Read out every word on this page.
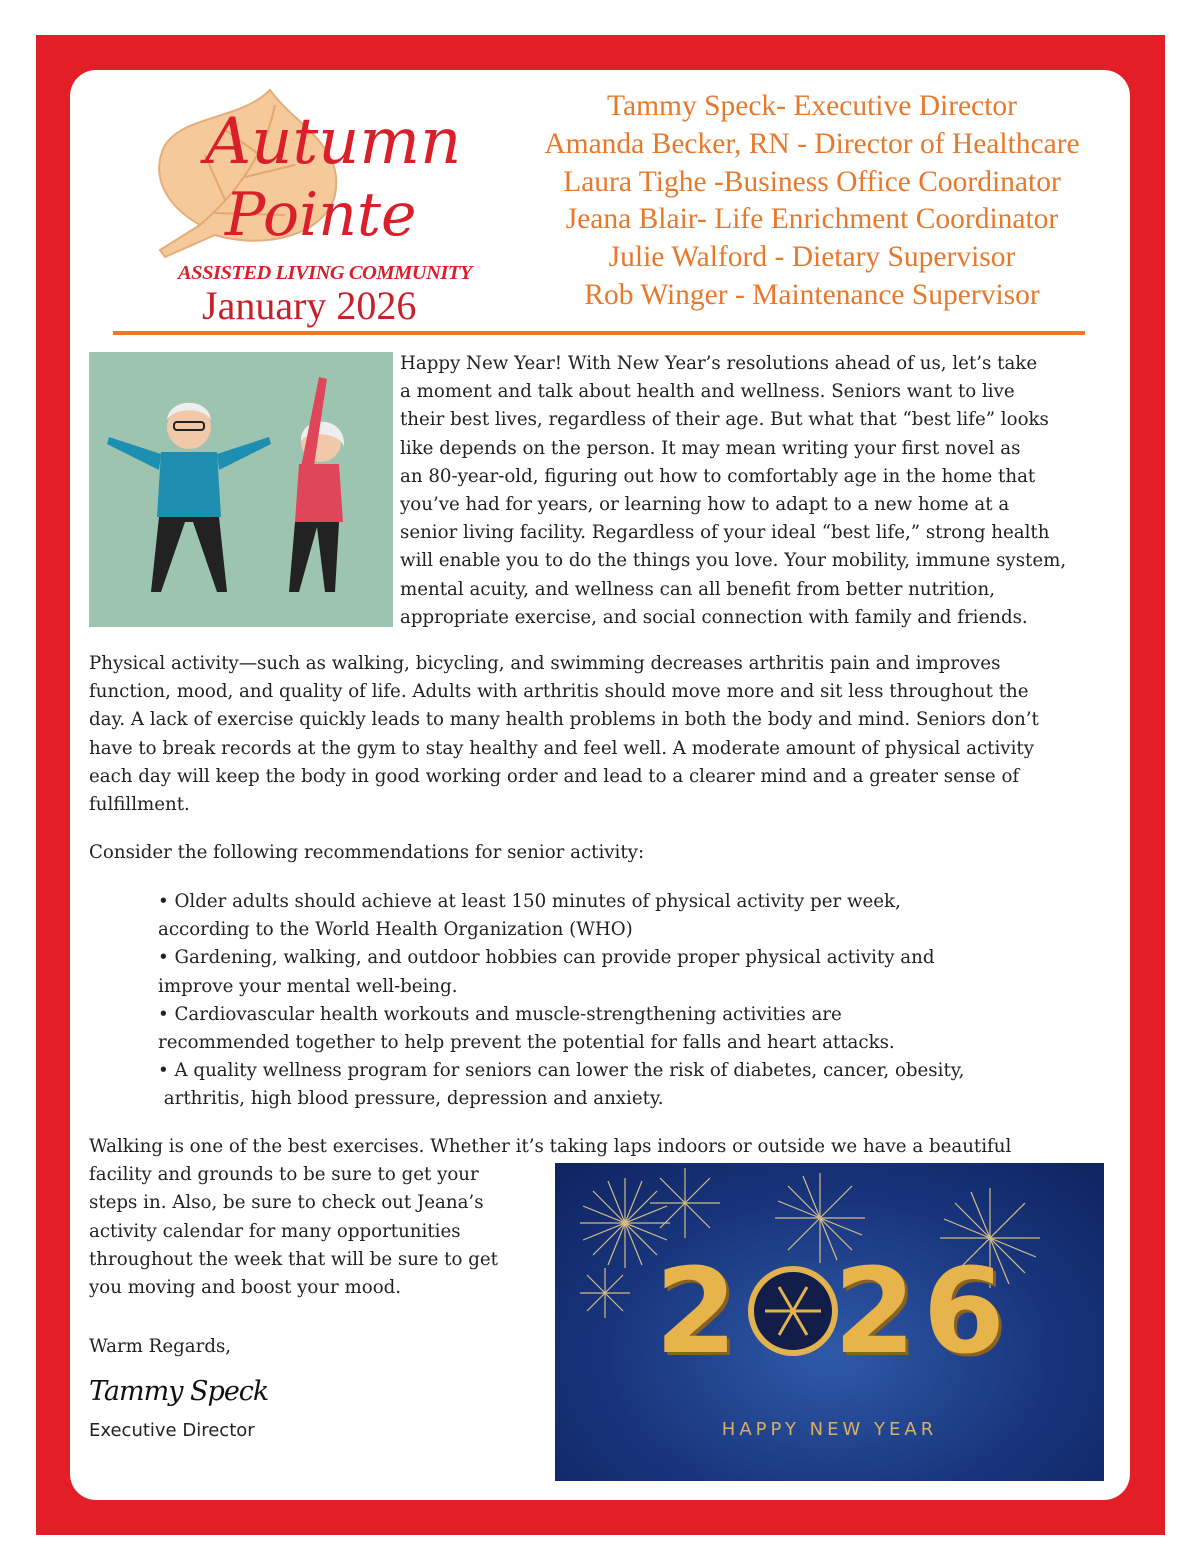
Autumn
Pointe
ASSISTED LIVING COMMUNITY
January 2026
Tammy Speck- Executive Director
Amanda Becker, RN - Director of Healthcare
Laura Tighe -Business Office Coordinator
Jeana Blair- Life Enrichment Coordinator
Julie Walford - Dietary Supervisor
Rob Winger - Maintenance Supervisor
Happy New Year! With New Year’s resolutions ahead of us, let’s take
a moment and talk about health and wellness. Seniors want to live
their best lives, regardless of their age. But what that “best life” looks
like depends on the person. It may mean writing your first novel as
an 80-year-old, figuring out how to comfortably age in the home that
you’ve had for years, or learning how to adapt to a new home at a
senior living facility. Regardless of your ideal “best life,” strong health
will enable you to do the things you love. Your mobility, immune system,
mental acuity, and wellness can all benefit from better nutrition,
appropriate exercise, and social connection with family and friends.
Physical activity—such as walking, bicycling, and swimming decreases arthritis pain and improves
function, mood, and quality of life. Adults with arthritis should move more and sit less throughout the
day. A lack of exercise quickly leads to many health problems in both the body and mind. Seniors don’t
have to break records at the gym to stay healthy and feel well. A moderate amount of physical activity
each day will keep the body in good working order and lead to a clearer mind and a greater sense of
fulfillment.
Consider the following recommendations for senior activity:
• Older adults should achieve at least 150 minutes of physical activity per week,
according to the World Health Organization (WHO)
• Gardening, walking, and outdoor hobbies can provide proper physical activity and
improve your mental well-being.
• Cardiovascular health workouts and muscle-strengthening activities are
recommended together to help prevent the potential for falls and heart attacks.
• A quality wellness program for seniors can lower the risk of diabetes, cancer, obesity,
arthritis, high blood pressure, depression and anxiety.
Walking is one of the best exercises. Whether it’s taking laps indoors or outside we have a beautiful
facility and grounds to be sure to get your
steps in. Also, be sure to check out Jeana’s
activity calendar for many opportunities
throughout the week that will be sure to get
you moving and boost your mood.
Warm Regards,
Tammy Speck
Executive Director
2 2 6
HAPPY NEW YEAR
